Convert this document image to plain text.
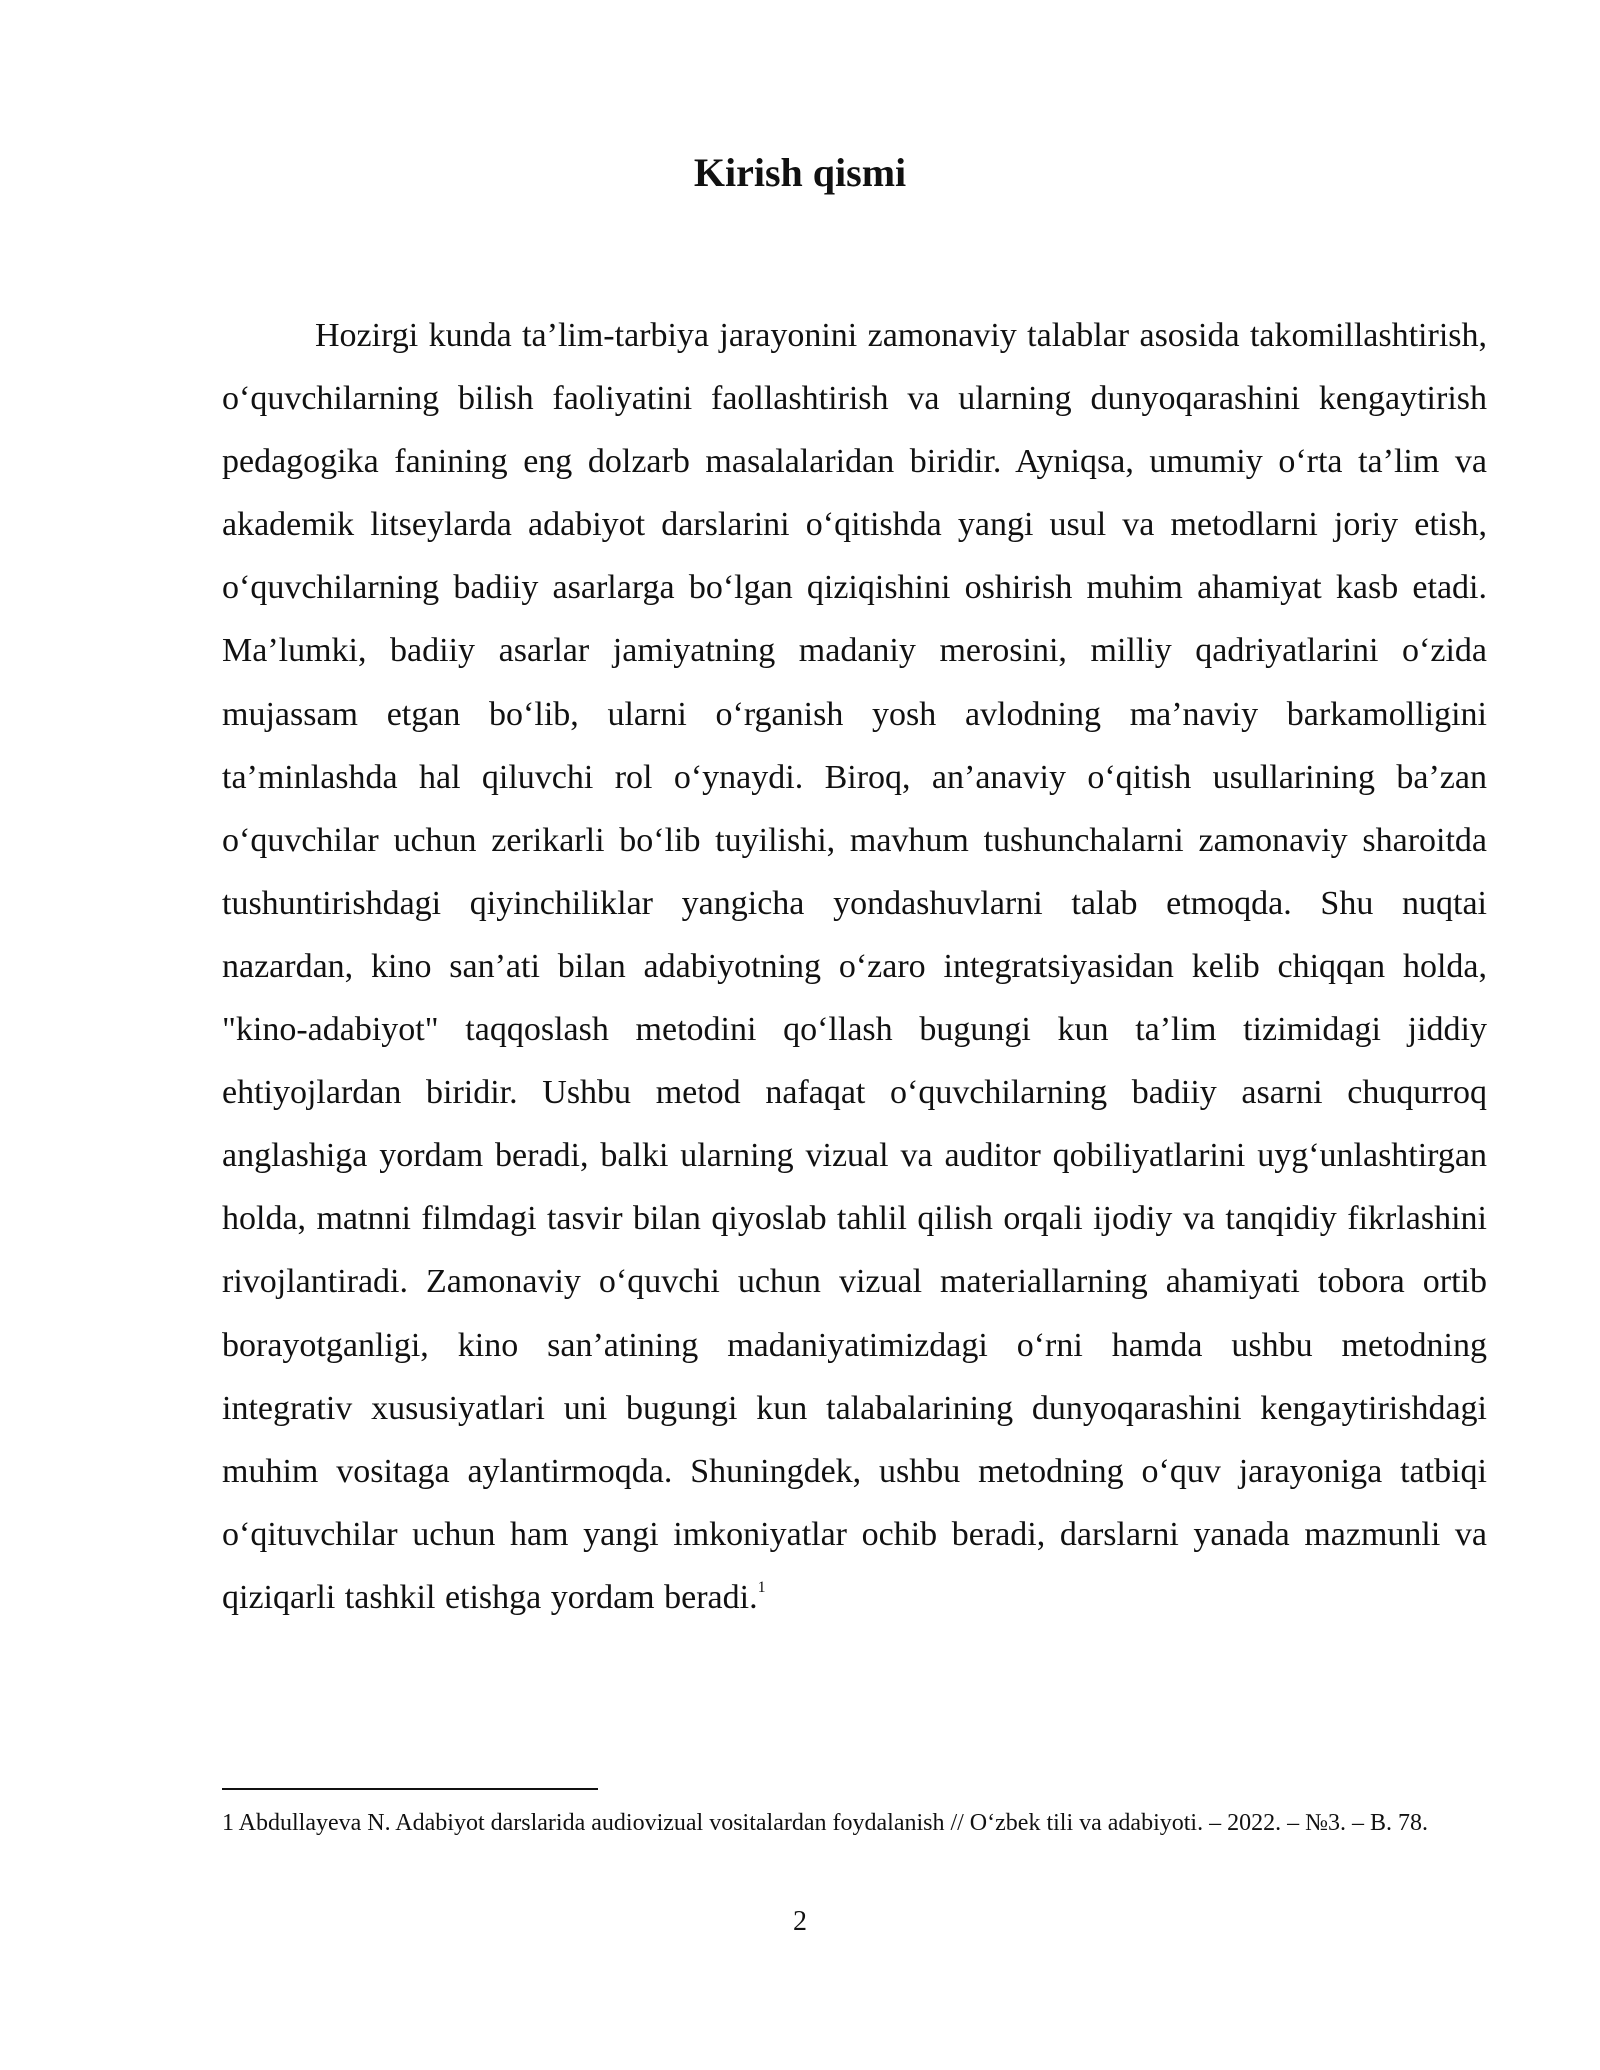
Kirish qismi

Hozirgi kunda ta’lim-tarbiya jarayonini zamonaviy talablar asosida takomillashtirish, o‘quvchilarning bilish faoliyatini faollashtirish va ularning dunyoqarashini kengaytirish pedagogika fanining eng dolzarb masalalaridan biridir. Ayniqsa, umumiy o‘rta ta’lim va akademik litseylarda adabiyot darslarini o‘qitishda yangi usul va metodlarni joriy etish, o‘quvchilarning badiiy asarlarga bo‘lgan qiziqishini oshirish muhim ahamiyat kasb etadi. Ma’lumki, badiiy asarlar jamiyatning madaniy merosini, milliy qadriyatlarini o‘zida mujassam etgan bo‘lib, ularni o‘rganish yosh avlodning ma’naviy barkamolligini ta’minlashda hal qiluvchi rol o‘ynaydi. Biroq, an’anaviy o‘qitish usullarining ba’zan o‘quvchilar uchun zerikarli bo‘lib tuyilishi, mavhum tushunchalarni zamonaviy sharoitda tushuntirishdagi qiyinchiliklar yangicha yondashuvlarni talab etmoqda. Shu nuqtai nazardan, kino san’ati bilan adabiyotning o‘zaro integratsiyasidan kelib chiqqan holda, "kino-adabiyot" taqqoslash metodini qo‘llash bugungi kun ta’lim tizimidagi jiddiy ehtiyojlardan biridir. Ushbu metod nafaqat o‘quvchilarning badiiy asarni chuqurroq anglashiga yordam beradi, balki ularning vizual va auditor qobiliyatlarini uyg‘unlashtirgan holda, matnni filmdagi tasvir bilan qiyoslab tahlil qilish orqali ijodiy va tanqidiy fikrlashini rivojlantiradi. Zamonaviy o‘quvchi uchun vizual materiallarning ahamiyati tobora ortib borayotganligi, kino san’atining madaniyatimizdagi o‘rni hamda ushbu metodning integrativ xususiyatlari uni bugungi kun talabalarining dunyoqarashini kengaytirishdagi muhim vositaga aylantirmoqda. Shuningdek, ushbu metodning o‘quv jarayoniga tatbiqi o‘qituvchilar uchun ham yangi imkoniyatlar ochib beradi, darslarni yanada mazmunli va qiziqarli tashkil etishga yordam beradi.$^1$

1 Abdullayeva N. Adabiyot darslarida audiovizual vositalardan foydalanish // O‘zbek tili va adabiyoti. – 2022. – №3. – B. 78.

2
